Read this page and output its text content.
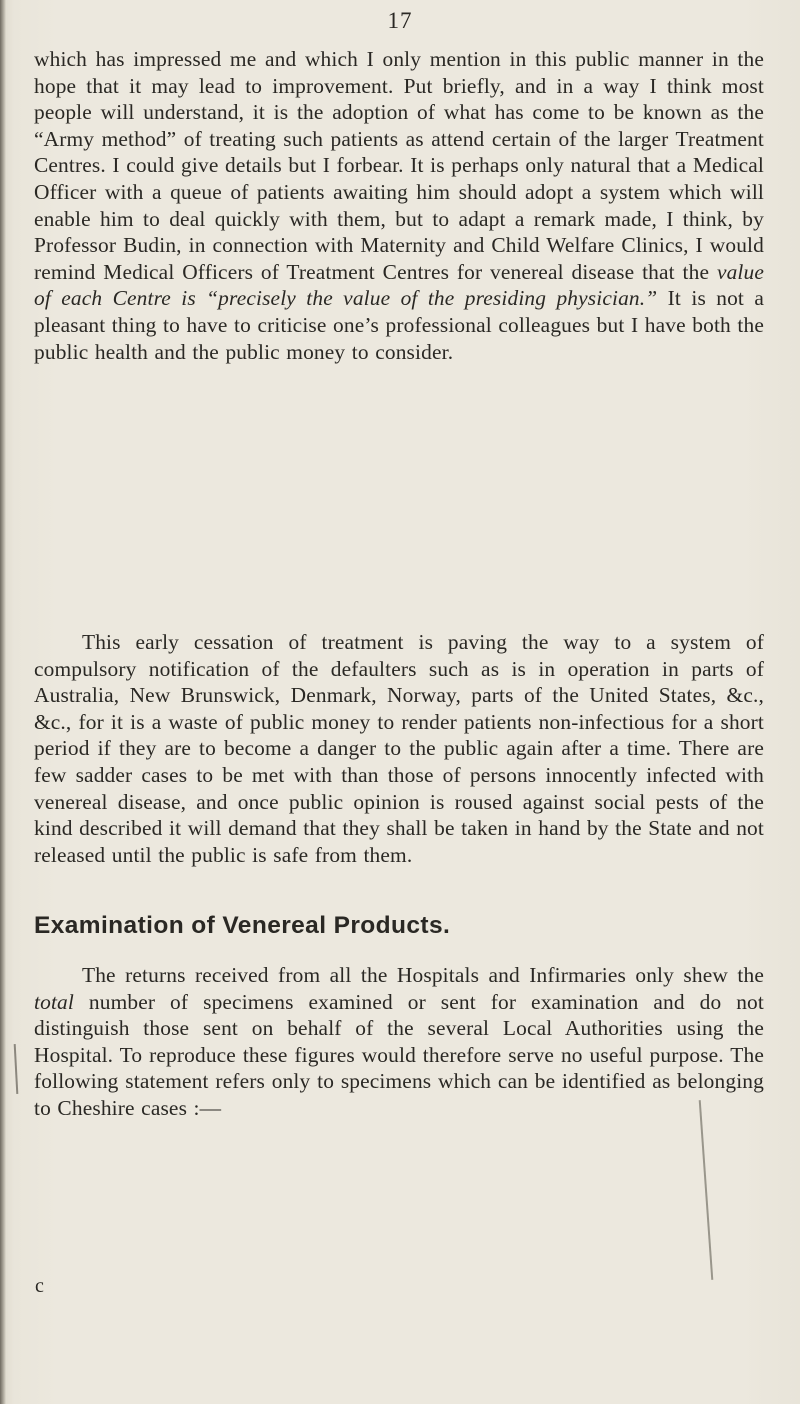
17

which has impressed me and which I only mention in this public manner in the hope that it may lead to improvement. Put briefly, and in a way I think most people will understand, it is the adoption of what has come to be known as the “Army method” of treating such patients as attend certain of the larger Treatment Centres. I could give details but I forbear. It is perhaps only natural that a Medical Officer with a queue of patients awaiting him should adopt a system which will enable him to deal quickly with them, but to adapt a remark made, I think, by Professor Budin, in connection with Maternity and Child Welfare Clinics, I would remind Medical Officers of Treatment Centres for venereal disease that the value of each Centre is “precisely the value of the presiding physician.” It is not a pleasant thing to have to criticise one’s professional colleagues but I have both the public health and the public money to consider.

This early cessation of treatment is paving the way to a system of compulsory notification of the defaulters such as is in operation in parts of Australia, New Brunswick, Denmark, Norway, parts of the United States, &c., &c., for it is a waste of public money to render patients non-infectious for a short period if they are to become a danger to the public again after a time. There are few sadder cases to be met with than those of persons innocently infected with venereal disease, and once public opinion is roused against social pests of the kind described it will demand that they shall be taken in hand by the State and not released until the public is safe from them.

Examination of Venereal Products.

The returns received from all the Hospitals and Infirmaries only shew the total number of specimens examined or sent for examination and do not distinguish those sent on behalf of the several Local Authorities using the Hospital. To reproduce these figures would therefore serve no useful purpose. The following statement refers only to specimens which can be identified as belonging to Cheshire cases :—

c
